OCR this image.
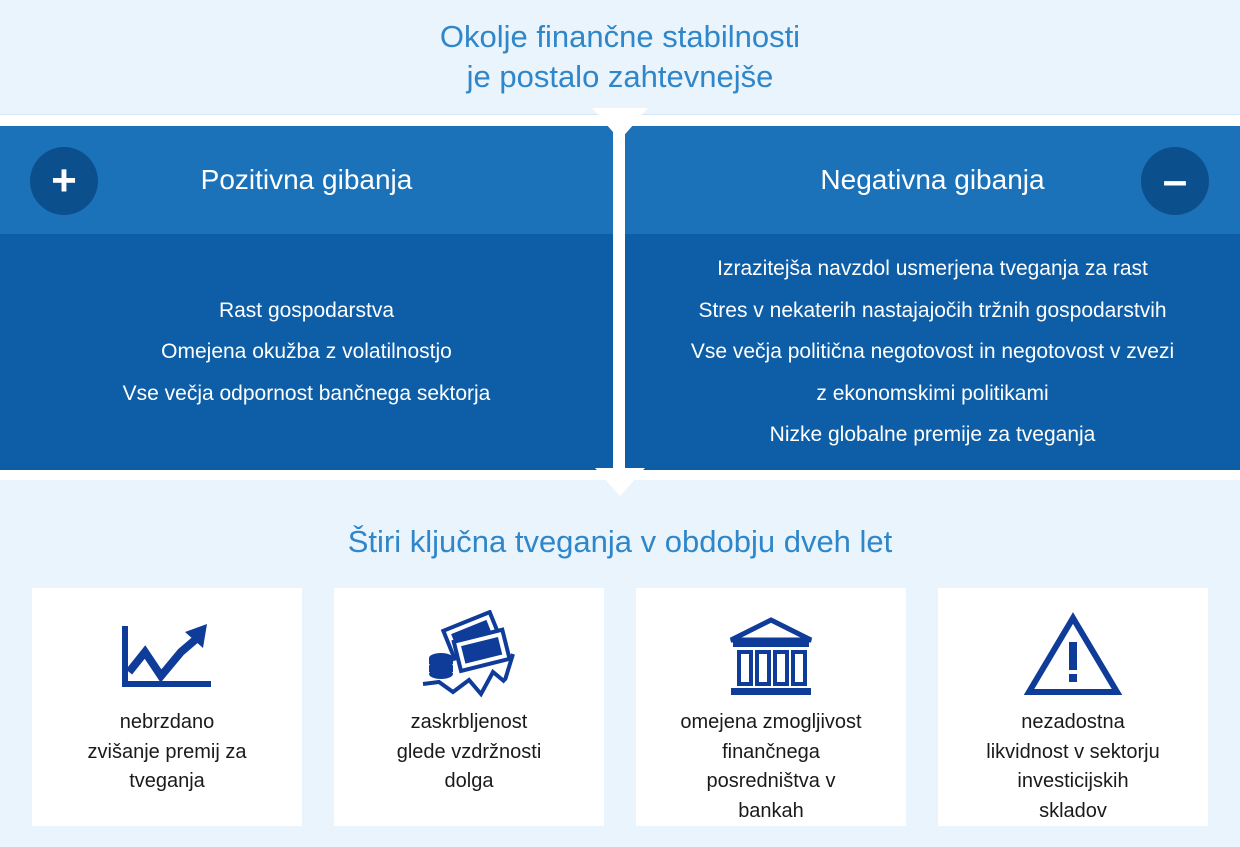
Okolje finančne stabilnosti
je postalo zahtevnejše
Pozitivna gibanja
Rast gospodarstva
Omejena okužba z volatilnostjo
Vse večja odpornost bančnega sektorja
+	Negativna gibanja
Izrazitejša navzdol usmerjena tveganja za rast
Stres v nekaterih nastajajočih tržnih gospodarstvih
Vse večja politična negotovost in negotovost v zvezi
z ekonomskimi politikami
Nizke globalne premije za tveganja
–
Štiri ključna tveganja v obdobju dveh let
nebrzdano
zvišanje premij za
tveganja
zaskrbljenost
glede vzdržnosti
dolga
omejena zmogljivost
finančnega
posredništva v
bankah
nezadostna
likvidnost v sektorju
investicijskih
skladov
